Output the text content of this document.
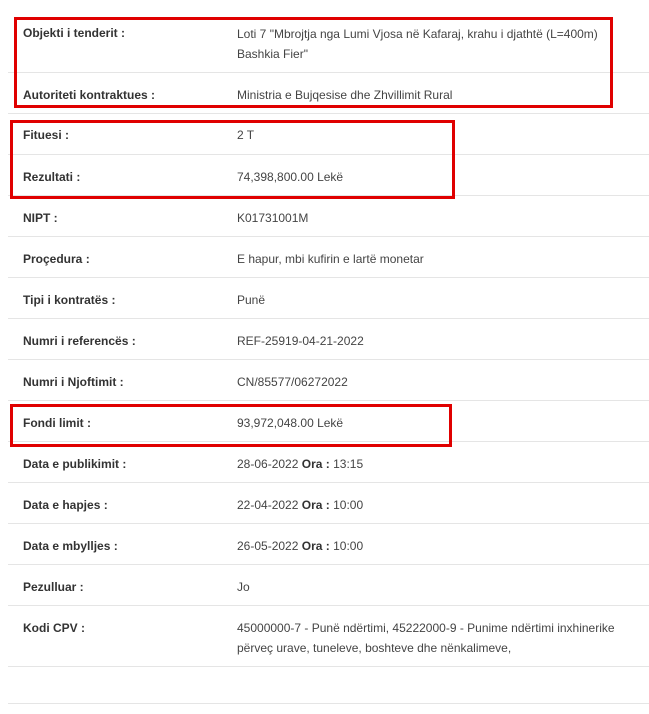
Objekti i tenderit :	Loti 7 "Mbrojtja nga Lumi Vjosa në Kafaraj, krahu i djathtë (L=400m) Bashkia Fier"
Autoriteti kontraktues :	Ministria e Bujqesise dhe Zhvillimit Rural
Fituesi :	2 T
Rezultati :	74,398,800.00 Lekë
NIPT :	K01731001M
Proçedura :	E hapur, mbi kufirin e lartë monetar
Tipi i kontratës :	Punë
Numri i referencës :	REF-25919-04-21-2022
Numri i Njoftimit :	CN/85577/06272022
Fondi limit :	93,972,048.00 Lekë
Data e publikimit :	28-06-2022 Ora : 13:15
Data e hapjes :	22-04-2022 Ora : 10:00
Data e mbylljes :	26-05-2022 Ora : 10:00
Pezulluar :	Jo
Kodi CPV :	45000000-7 - Punë ndërtimi, 45222000-9 - Punime ndërtimi inxhinerike përveç urave, tuneleve, boshteve dhe nënkalimeve,
